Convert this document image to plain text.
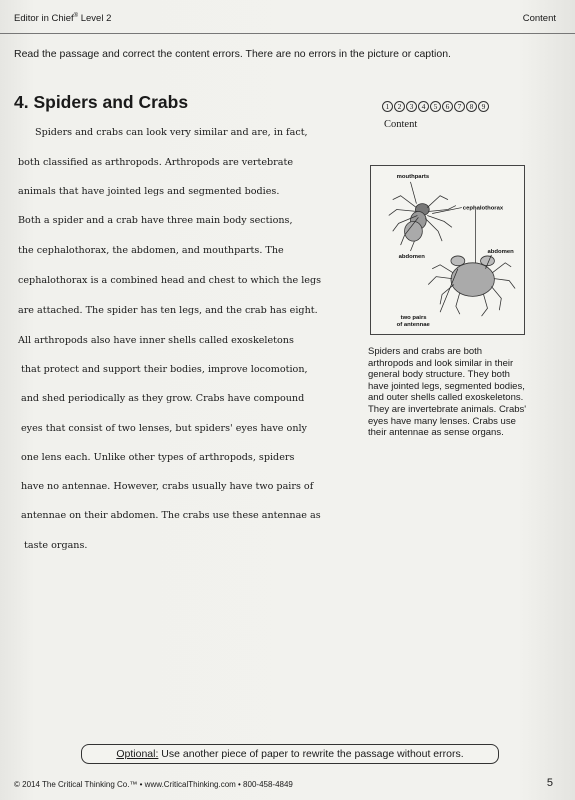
Editor in Chief® Level 2	Content
Read the passage and correct the content errors. There are no errors in the picture or caption.
4. Spiders and Crabs	1	2	3	4	5	6	7	8	9
Content
Spiders and crabs can look very similar and are, in fact,
both classified as arthropods. Arthropods are vertebrate
animals that have jointed legs and segmented bodies.
Both a spider and a crab have three main body sections,
the cephalothorax, the abdomen, and mouthparts. The
cephalothorax is a combined head and chest to which the legs
are attached. The spider has ten legs, and the crab has eight.
All arthropods also have inner shells called exoskeletons
that protect and support their bodies, improve locomotion,
and shed periodically as they grow. Crabs have compound
eyes that consist of two lenses, but spiders' eyes have only
one lens each. Unlike other types of arthropods, spiders
have no antennae. However, crabs usually have two pairs of
antennae on their abdomen. The crabs use these antennae as
taste organs.
mouthparts
cephalothorax
abdomen
abdomen
two pairs
of antennae
Spiders and crabs are both arthropods and look similar in their general body structure. They both have jointed legs, segmented bodies, and outer shells called exoskeletons. They are invertebrate animals. Crabs' eyes have many lenses. Crabs use their antennae as sense organs.
Optional: Use another piece of paper to rewrite the passage without errors.
© 2014 The Critical Thinking Co.™ • www.CriticalThinking.com • 800-458-4849	5
